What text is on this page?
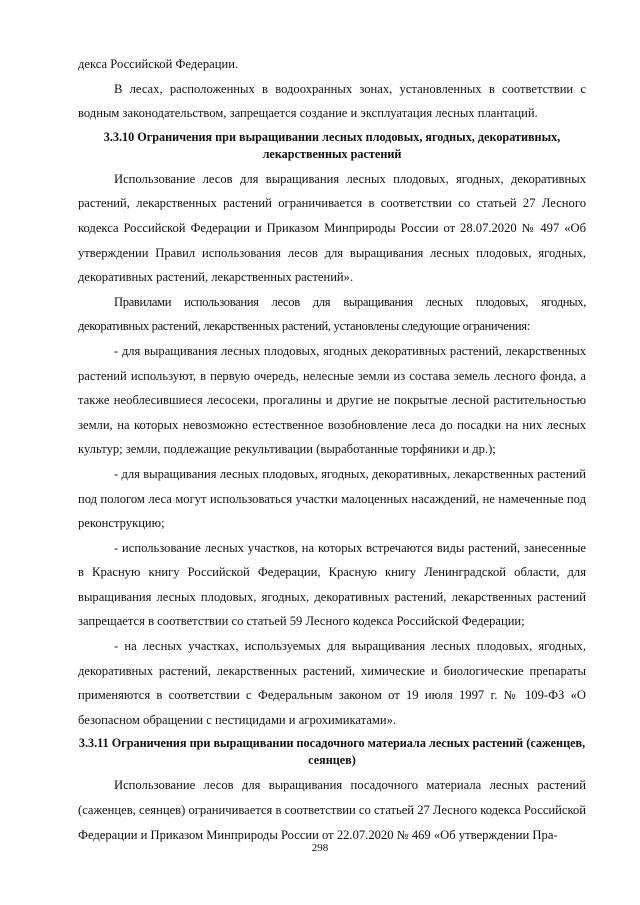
декса Российской Федерации.

В лесах, расположенных в водоохранных зонах, установленных в соответствии с водным законодательством, запрещается создание и эксплуатация лесных плантаций.

3.3.10 Ограничения при выращивании лесных плодовых, ягодных, декоративных, лекарственных растений

Использование лесов для выращивания лесных плодовых, ягодных, декоративных растений, лекарственных растений ограничивается в соответствии со статьей 27 Лесного кодекса Российской Федерации и Приказом Минприроды России от 28.07.2020 № 497 «Об утверждении Правил использования лесов для выращивания лесных плодовых, ягодных, декоративных растений, лекарственных растений».

Правилами использования лесов для выращивания лесных плодовых, ягодных, декоративных растений, лекарственных растений, установлены следующие ограничения:

- для выращивания лесных плодовых, ягодных декоративных растений, лекарственных растений используют, в первую очередь, нелесные земли из состава земель лесного фонда, а также необлесившиеся лесосеки, прогалины и другие не покрытые лесной растительностью земли, на которых невозможно естественное возобновление леса до посадки на них лесных культур; земли, подлежащие рекультивации (выработанные торфяники и др.);

- для выращивания лесных плодовых, ягодных, декоративных, лекарственных растений под пологом леса могут использоваться участки малоценных насаждений, не намеченные под реконструкцию;

- использование лесных участков, на которых встречаются виды растений, занесенные в Красную книгу Российской Федерации, Красную книгу Ленинградской области, для выращивания лесных плодовых, ягодных, декоративных растений, лекарственных растений запрещается в соответствии со статьей 59 Лесного кодекса Российской Федерации;

- на лесных участках, используемых для выращивания лесных плодовых, ягодных, декоративных растений, лекарственных растений, химические и биологические препараты применяются в соответствии с Федеральным законом от 19 июля 1997 г. № 109-ФЗ «О безопасном обращении с пестицидами и агрохимикатами».

3.3.11 Ограничения при выращивании посадочного материала лесных растений (саженцев, сеянцев)

Использование лесов для выращивания посадочного материала лесных растений (саженцев, сеянцев) ограничивается в соответствии со статьей 27 Лесного кодекса Российской Федерации и Приказом Минприроды России от 22.07.2020 № 469 «Об утверждении Пра-

298
